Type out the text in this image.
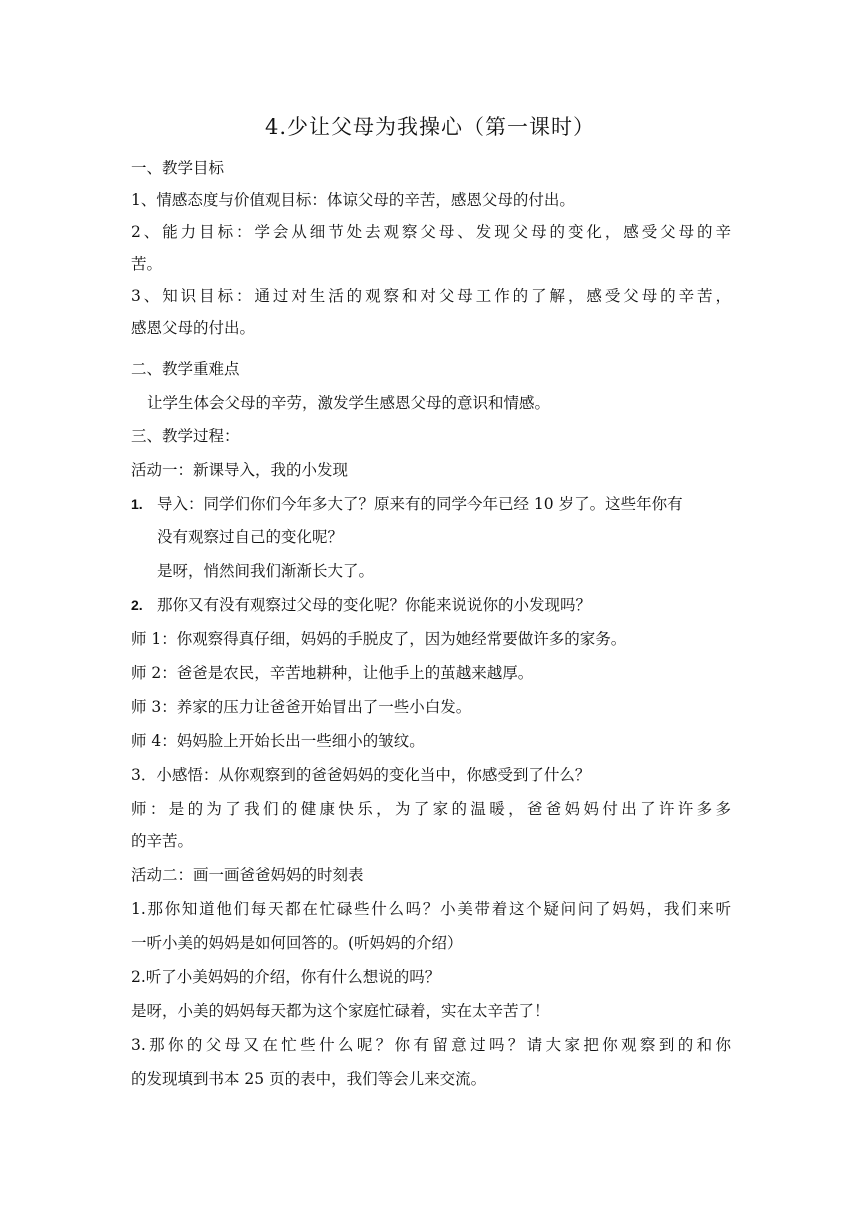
4.少让父母为我操心（第一课时）
一、教学目标
1、情感态度与价值观目标：体谅父母的辛苦，感恩父母的付出。
2、能力目标：学会从细节处去观察父母、发现父母的变化，感受父母的辛
苦。
3、知识目标：通过对生活的观察和对父母工作的了解，感受父母的辛苦，
感恩父母的付出。
二、教学重难点
让学生体会父母的辛劳，激发学生感恩父母的意识和情感。
三、教学过程：
活动一：新课导入，我的小发现
1. 导入：同学们你们今年多大了？原来有的同学今年已经 10 岁了。这些年你有
没有观察过自己的变化呢？
是呀，悄然间我们渐渐长大了。
2. 那你又有没有观察过父母的变化呢？你能来说说你的小发现吗？
师 1：你观察得真仔细，妈妈的手脱皮了，因为她经常要做许多的家务。
师 2：爸爸是农民，辛苦地耕种，让他手上的茧越来越厚。
师 3：养家的压力让爸爸开始冒出了一些小白发。
师 4：妈妈脸上开始长出一些细小的皱纹。
3．小感悟：从你观察到的爸爸妈妈的变化当中，你感受到了什么？
师：是的为了我们的健康快乐，为了家的温暖，爸爸妈妈付出了许许多多
的辛苦。
活动二：画一画爸爸妈妈的时刻表
1.那你知道他们每天都在忙碌些什么吗？小美带着这个疑问问了妈妈，我们来听
一听小美的妈妈是如何回答的。(听妈妈的介绍）
2.听了小美妈妈的介绍，你有什么想说的吗？
是呀，小美的妈妈每天都为这个家庭忙碌着，实在太辛苦了！
3.那你的父母又在忙些什么呢？你有留意过吗？请大家把你观察到的和你
的发现填到书本 25 页的表中，我们等会儿来交流。
